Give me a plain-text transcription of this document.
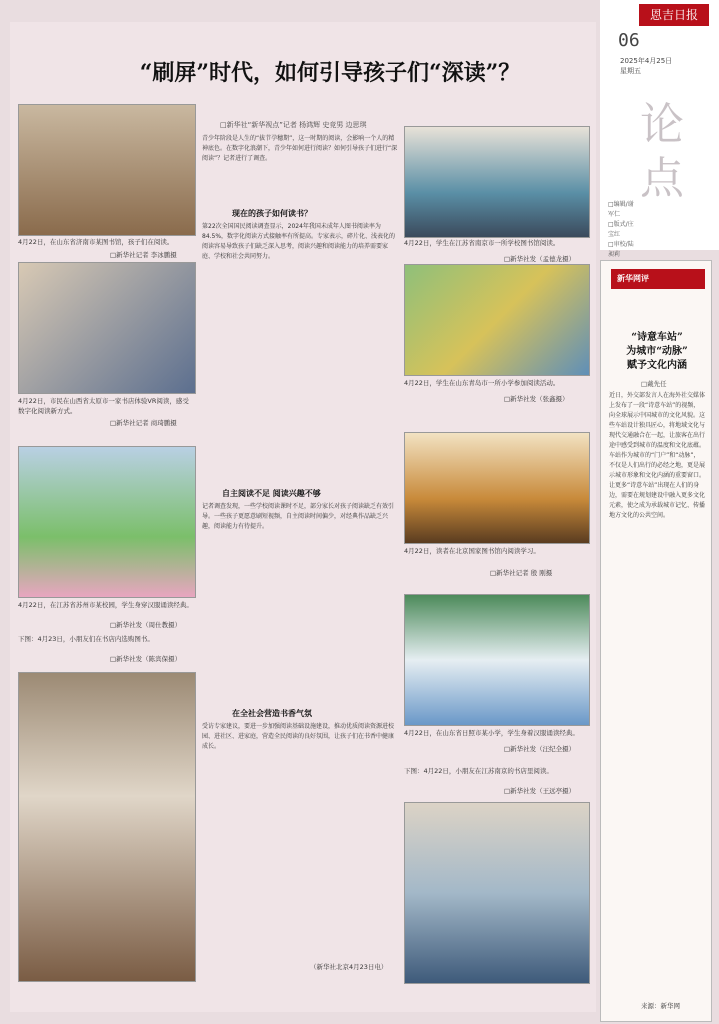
恩吉日报
06
2025年4月25日
星期五
论
点
□编辑/谢军仁
□版式/庄宝红
□审校/陆昶莉
“刷屏”时代，如何引导孩子们“深读”？
□新华社“新华视点”记者 杨鸿辉 史竞男 边思琪
4月22日，在山东省济南市某图书馆，孩子们在阅读。
□新华社记者 李冰鹏摄
4月22日，市民在山西省太原市一家书店体验VR阅读，感受数字化阅读新方式。
□新华社记者 商琦鹏摄
4月22日，在江苏省苏州市某校园，学生身穿汉服诵读经典。
□新华社发（周仕教摄）
下图：4月23日，小朋友们在书店内选购图书。
□新华社发（陈宾保摄）
青少年阶段是人生的“拔节孕穗期”，这一时期的阅读，会影响一个人的精神底色。在数字化浪潮下，青少年如何进行阅读？如何引导孩子们进行“深阅读”？记者进行了调查。
现在的孩子如何读书？
第22次全国国民阅读调查显示，2024年我国未成年人图书阅读率为84.5%，数字化阅读方式接触率有所提高。专家表示，碎片化、浅表化的阅读容易导致孩子们缺乏深入思考，阅读兴趣和阅读能力的培养需要家庭、学校和社会共同努力。
自主阅读不足 阅读兴趣不够
记者调查发现，一些学校阅读课时不足，部分家长对孩子阅读缺乏有效引导。一些孩子更愿意刷短视频，自主阅读时间偏少，对经典作品缺乏兴趣，阅读能力有待提升。
在全社会营造书香气氛
受访专家建议，要进一步加强阅读基础设施建设，推动优质阅读资源进校园、进社区、进家庭，营造全民阅读的良好氛围，让孩子们在书香中健康成长。
（新华社北京4月23日电）
4月22日，学生在江苏省南京市一所学校图书馆阅读。
□新华社发（孟德龙摄）
4月22日，学生在山东青岛市一所小学参加阅读活动。
□新华社发（张鑫摄）
4月22日，读者在北京国家图书馆内阅读学习。
□新华社记者 殷 刚摄
4月22日，在山东省日照市某小学，学生身着汉服诵读经典。
□新华社发（汪纪全摄）
下图：4月22日，小朋友在江苏南京的书店里阅读。
□新华社发（王远亭摄）
新华网评
“诗意车站”
为城市“动脉”
赋予文化内涵
□戴先任
近日，外交部发言人在海外社交媒体上发布了一段“诗意车站”的视频，向全球展示中国城市的文化风貌。这些车站设计独具匠心，将地域文化与现代交通融合在一起，让旅客在出行途中感受到城市的温度和文化底蕴。车站作为城市的“门户”和“动脉”，不仅是人们出行的必经之地，更是展示城市形象和文化内涵的重要窗口。让更多“诗意车站”出现在人们的身边，需要在规划建设中融入更多文化元素，使之成为承载城市记忆、传播地方文化的公共空间。
来源：新华网
